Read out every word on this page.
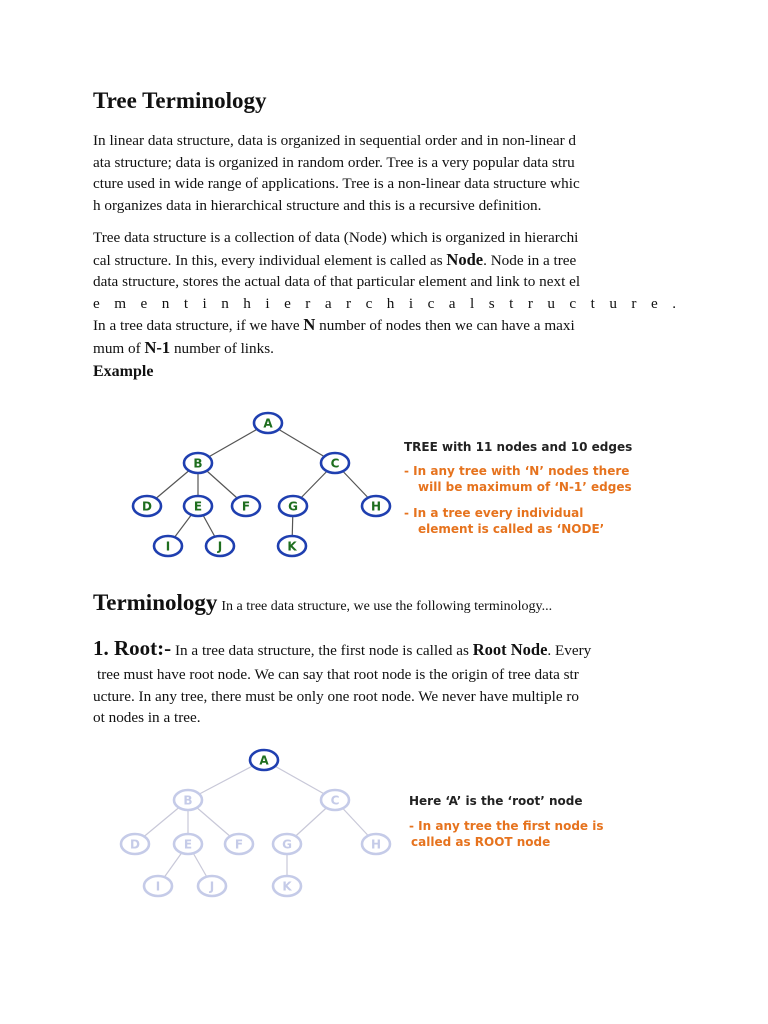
Tree Terminology
In linear data structure, data is organized in sequential order and in non-linear d
ata structure; data is organized in random order. Tree is a very popular data stru
cture used in wide range of applications. Tree is a non-linear data structure whic
h organizes data in hierarchical structure and this is a recursive definition.
Tree data structure is a collection of data (Node) which is organized in hierarchi
cal structure. In this, every individual element is called as Node. Node in a tree
data structure, stores the actual data of that particular element and link to next el
e m e n t i n h i e r a r c h i c a l s t r u c t u r e .
In a tree data structure, if we have N number of nodes then we can have a maxi
mum of N-1 number of links.
Example
A
B	C
D	E	F	G	H
I	J	K
TREE with 11 nodes and 10 edges
- In any tree with ‘N’ nodes there
will be maximum of ‘N-1’ edges
- In a tree every individual
element is called as ‘NODE’
Terminology In a tree data structure, we use the following terminology...
1. Root:- In a tree data structure, the first node is called as Root Node. Every
tree must have root node. We can say that root node is the origin of tree data str
ucture. In any tree, there must be only one root node. We never have multiple ro
ot nodes in a tree.
A
B	C
D	E	F	G	H
I	J	K
Here ‘A’ is the ‘root’ node
- In any tree the first node is
called as ROOT node
